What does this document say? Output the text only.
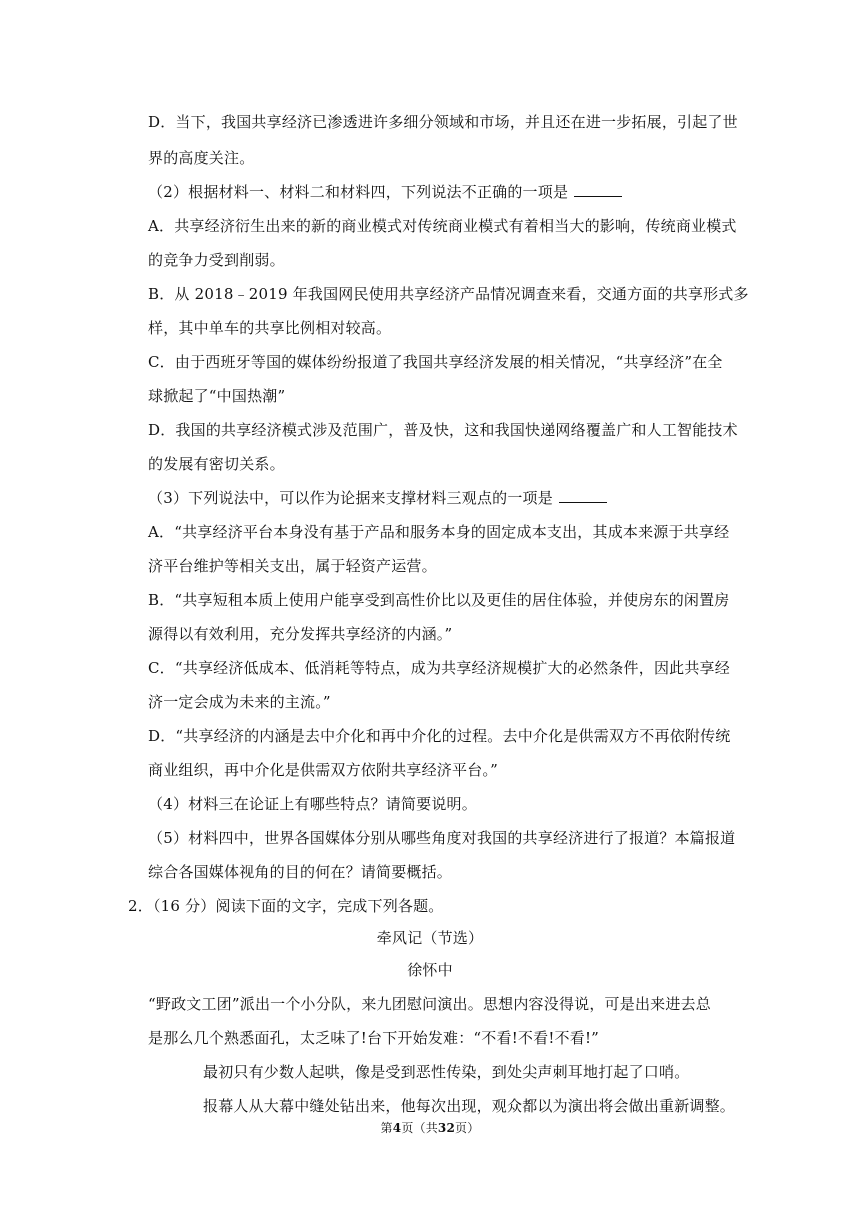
D．当下，我国共享经济已渗透进许多细分领域和市场，并且还在进一步拓展，引起了世
界的高度关注。
（2）根据材料一、材料二和材料四，下列说法不正确的一项是
A．共享经济衍生出来的新的商业模式对传统商业模式有着相当大的影响，传统商业模式
的竞争力受到削弱。
B．从 2018﹣2019 年我国网民使用共享经济产品情况调查来看，交通方面的共享形式多
样，其中单车的共享比例相对较高。
C．由于西班牙等国的媒体纷纷报道了我国共享经济发展的相关情况，“共享经济”在全
球掀起了“中国热潮”
D．我国的共享经济模式涉及范围广，普及快，这和我国快递网络覆盖广和人工智能技术
的发展有密切关系。
（3）下列说法中，可以作为论据来支撑材料三观点的一项是
A．“共享经济平台本身没有基于产品和服务本身的固定成本支出，其成本来源于共享经
济平台维护等相关支出，属于轻资产运营。
B．“共享短租本质上使用户能享受到高性价比以及更佳的居住体验，并使房东的闲置房
源得以有效利用，充分发挥共享经济的内涵。”
C．“共享经济低成本、低消耗等特点，成为共享经济规模扩大的必然条件，因此共享经
济一定会成为未来的主流。”
D．“共享经济的内涵是去中介化和再中介化的过程。去中介化是供需双方不再依附传统
商业组织，再中介化是供需双方依附共享经济平台。”
（4）材料三在论证上有哪些特点？请简要说明。
（5）材料四中，世界各国媒体分别从哪些角度对我国的共享经济进行了报道？本篇报道
综合各国媒体视角的目的何在？请简要概括。
2．（16 分）阅读下面的文字，完成下列各题。
牵风记（节选）
徐怀中
“野政文工团”派出一个小分队，来九团慰问演出。思想内容没得说，可是出来进去总
是那么几个熟悉面孔，太乏味了!台下开始发难：“不看!不看!不看!”
最初只有少数人起哄，像是受到恶性传染，到处尖声刺耳地打起了口哨。
报幕人从大幕中缝处钻出来，他每次出现，观众都以为演出将会做出重新调整。
第4页（共32页）
